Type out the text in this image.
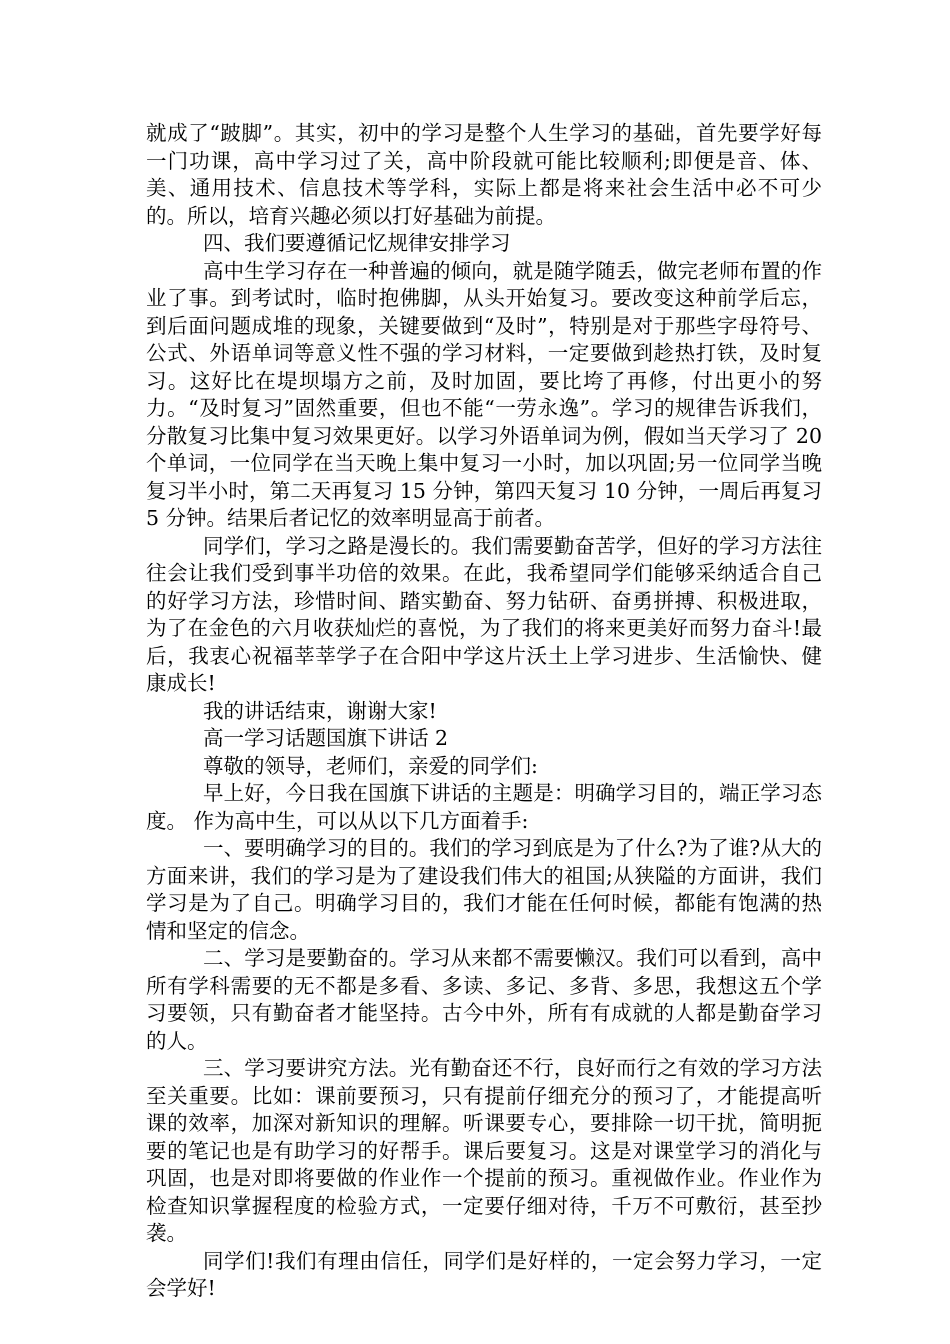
就成了“跛脚”。其实，初中的学习是整个人生学习的基础，首先要学好每一门功课，高中学习过了关，高中阶段就可能比较顺利;即便是音、体、美、通用技术、信息技术等学科，实际上都是将来社会生活中必不可少的。所以，培育兴趣必须以打好基础为前提。

四、我们要遵循记忆规律安排学习

高中生学习存在一种普遍的倾向，就是随学随丢，做完老师布置的作业了事。到考试时，临时抱佛脚，从头开始复习。要改变这种前学后忘，到后面问题成堆的现象，关键要做到“及时”，特别是对于那些字母符号、公式、外语单词等意义性不强的学习材料，一定要做到趁热打铁，及时复习。这好比在堤坝塌方之前，及时加固，要比垮了再修，付出更小的努力。“及时复习”固然重要，但也不能“一劳永逸”。学习的规律告诉我们，分散复习比集中复习效果更好。以学习外语单词为例，假如当天学习了 20 个单词，一位同学在当天晚上集中复习一小时，加以巩固;另一位同学当晚复习半小时，第二天再复习 15 分钟，第四天复习 10 分钟，一周后再复习 5 分钟。结果后者记忆的效率明显高于前者。

同学们，学习之路是漫长的。我们需要勤奋苦学，但好的学习方法往往会让我们受到事半功倍的效果。在此，我希望同学们能够采纳适合自己的好学习方法，珍惜时间、踏实勤奋、努力钻研、奋勇拼搏、积极进取，为了在金色的六月收获灿烂的喜悦，为了我们的将来更美好而努力奋斗!最后，我衷心祝福莘莘学子在合阳中学这片沃土上学习进步、生活愉快、健康成长!

我的讲话结束，谢谢大家!

高一学习话题国旗下讲话 2

尊敬的领导，老师们，亲爱的同学们:

早上好，今日我在国旗下讲话的主题是：明确学习目的，端正学习态度。 作为高中生，可以从以下几方面着手:

一、要明确学习的目的。我们的学习到底是为了什么?为了谁?从大的方面来讲，我们的学习是为了建设我们伟大的祖国;从狭隘的方面讲，我们学习是为了自己。明确学习目的，我们才能在任何时候，都能有饱满的热情和坚定的信念。

二、学习是要勤奋的。学习从来都不需要懒汉。我们可以看到，高中所有学科需要的无不都是多看、多读、多记、多背、多思，我想这五个学习要领，只有勤奋者才能坚持。古今中外，所有有成就的人都是勤奋学习的人。

三、学习要讲究方法。光有勤奋还不行，良好而行之有效的学习方法至关重要。比如：课前要预习，只有提前仔细充分的预习了，才能提高听课的效率，加深对新知识的理解。听课要专心，要排除一切干扰，简明扼要的笔记也是有助学习的好帮手。课后要复习。这是对课堂学习的消化与巩固，也是对即将要做的作业作一个提前的预习。重视做作业。作业作为检查知识掌握程度的检验方式，一定要仔细对待，千万不可敷衍，甚至抄袭。

同学们!我们有理由信任，同学们是好样的，一定会努力学习，一定会学好!
